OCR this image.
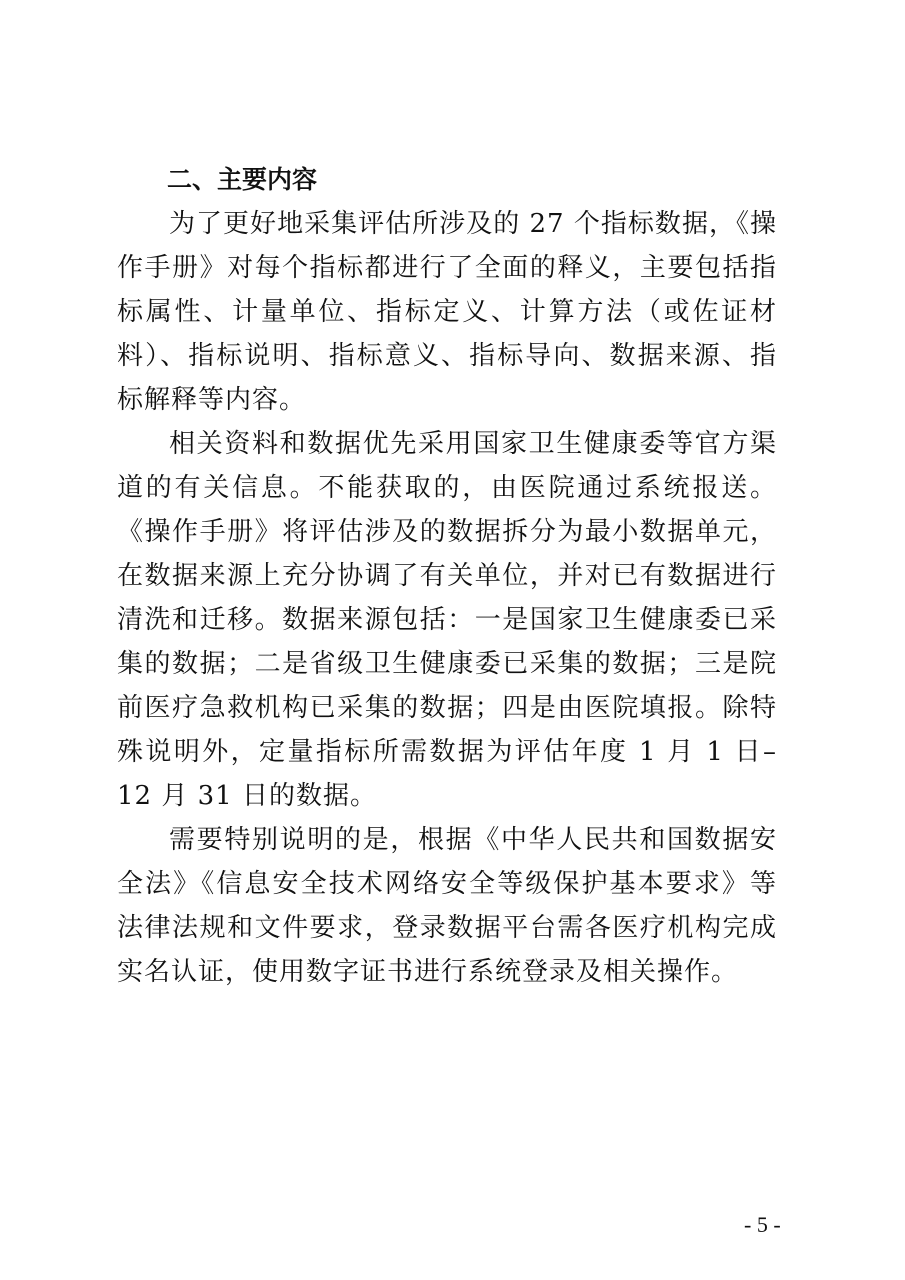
二、主要内容

为了更好地采集评估所涉及的 27 个指标数据，《操作手册》对每个指标都进行了全面的释义，主要包括指标属性、计量单位、指标定义、计算方法（或佐证材料）、指标说明、指标意义、指标导向、数据来源、指标解释等内容。

相关资料和数据优先采用国家卫生健康委等官方渠道的有关信息。不能获取的，由医院通过系统报送。《操作手册》将评估涉及的数据拆分为最小数据单元，在数据来源上充分协调了有关单位，并对已有数据进行清洗和迁移。数据来源包括：一是国家卫生健康委已采集的数据；二是省级卫生健康委已采集的数据；三是院前医疗急救机构已采集的数据；四是由医院填报。除特殊说明外，定量指标所需数据为评估年度 1 月 1 日–12 月 31 日的数据。

需要特别说明的是，根据《中华人民共和国数据安全法》《信息安全技术网络安全等级保护基本要求》等法律法规和文件要求，登录数据平台需各医疗机构完成实名认证，使用数字证书进行系统登录及相关操作。

- 5 -
